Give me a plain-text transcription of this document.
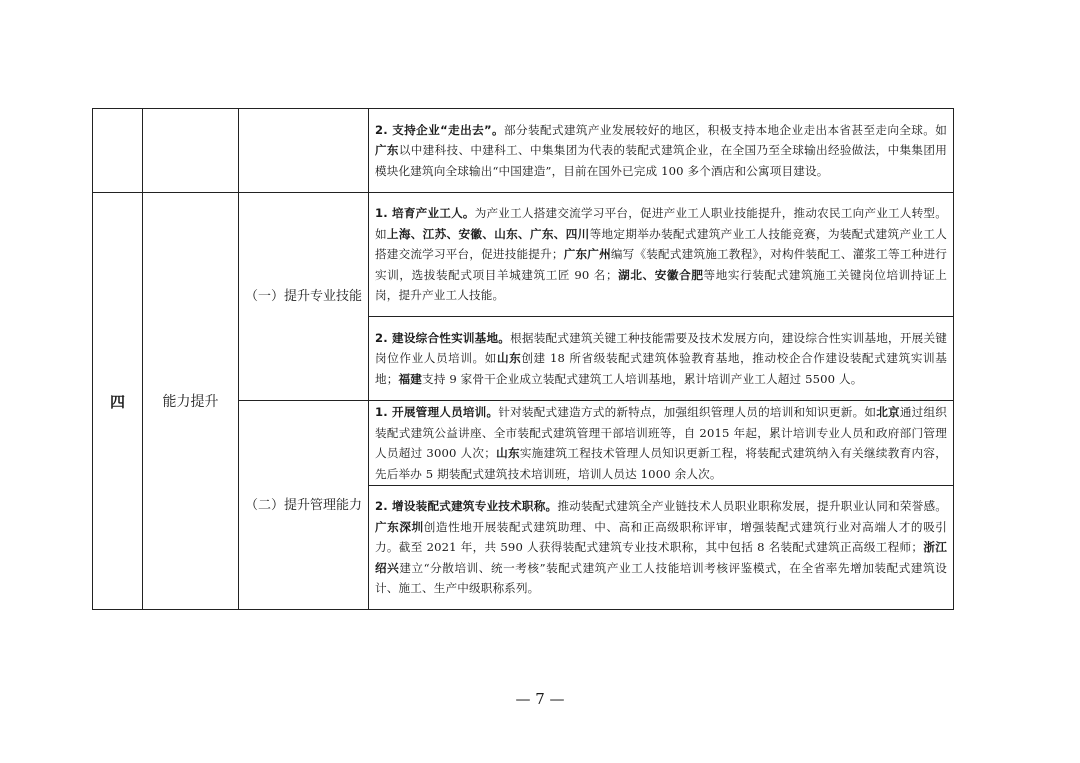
			2. 支持企业“走出去”。部分装配式建筑产业发展较好的地区，积极支持本地企业走出本省甚至走向全球。如广东以中建科技、中建科工、中集集团为代表的装配式建筑企业，在全国乃至全球输出经验做法，中集集团用模块化建筑向全球输出“中国建造”，目前在国外已完成 100 多个酒店和公寓项目建设。
四	能力提升	（一）提升专业技能	1. 培育产业工人。为产业工人搭建交流学习平台，促进产业工人职业技能提升，推动农民工向产业工人转型。如上海、江苏、安徽、山东、广东、四川等地定期举办装配式建筑产业工人技能竞赛，为装配式建筑产业工人搭建交流学习平台，促进技能提升；广东广州编写《装配式建筑施工教程》，对构件装配工、灌浆工等工种进行实训，选拔装配式项目羊城建筑工匠 90 名；湖北、安徽合肥等地实行装配式建筑施工关键岗位培训持证上岗，提升产业工人技能。
			2. 建设综合性实训基地。根据装配式建筑关键工种技能需要及技术发展方向，建设综合性实训基地，开展关键岗位作业人员培训。如山东创建 18 所省级装配式建筑体验教育基地，推动校企合作建设装配式建筑实训基地；福建支持 9 家骨干企业成立装配式建筑工人培训基地，累计培训产业工人超过 5500 人。
		（二）提升管理能力	1. 开展管理人员培训。针对装配式建造方式的新特点，加强组织管理人员的培训和知识更新。如北京通过组织装配式建筑公益讲座、全市装配式建筑管理干部培训班等，自 2015 年起，累计培训专业人员和政府部门管理人员超过 3000 人次；山东实施建筑工程技术管理人员知识更新工程，将装配式建筑纳入有关继续教育内容，先后举办 5 期装配式建筑技术培训班，培训人员达 1000 余人次。
			2. 增设装配式建筑专业技术职称。推动装配式建筑全产业链技术人员职业职称发展，提升职业认同和荣誉感。广东深圳创造性地开展装配式建筑助理、中、高和正高级职称评审，增强装配式建筑行业对高端人才的吸引力。截至 2021 年，共 590 人获得装配式建筑专业技术职称，其中包括 8 名装配式建筑正高级工程师；浙江绍兴建立“分散培训、统一考核”装配式建筑产业工人技能培训考核评鉴模式，在全省率先增加装配式建筑设计、施工、生产中级职称系列。
— 7 —
